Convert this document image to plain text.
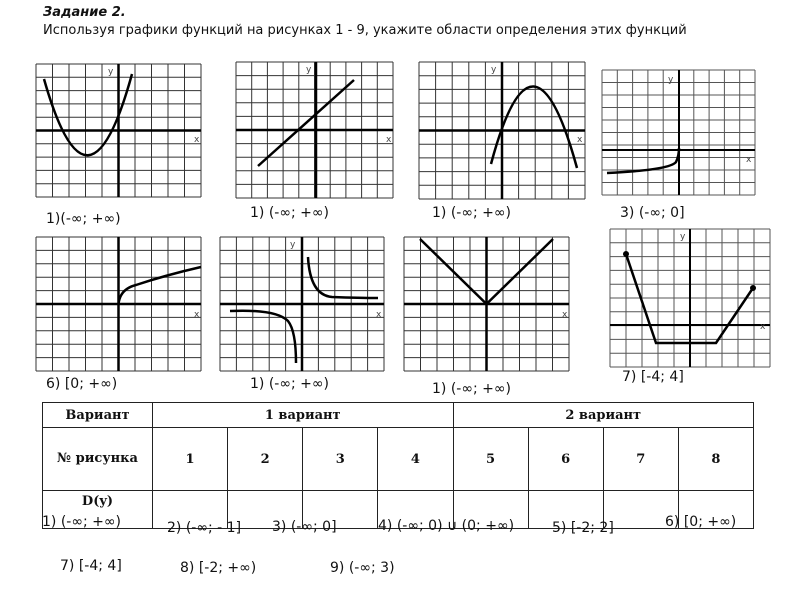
Задание 2.
Используя графики функций на рисунках 1 - 9, укажите области определения этих функций
y
x
1)(-∞; +∞)
y
x
1) (-∞; +∞)
y
x
1) (-∞; +∞)
y
x
3) (-∞; 0]
x
6) [0; +∞)
y
x
1) (-∞; +∞)
x
1) (-∞; +∞)
y
x
7) [-4; 4]
Вариант	1 вариант				2 вариант			
№ рисунка	1	2	3	4	5	6	7	8
D(y)								
1) (-∞; +∞)	2) (-∞; - 1] 3) (-∞; 0]	4) (-∞; 0) ∪ (0; +∞)	5) [-2; 2]	6) [0; +∞)
7) [-4; 4]	8) [-2; +∞)	9) (-∞; 3)
